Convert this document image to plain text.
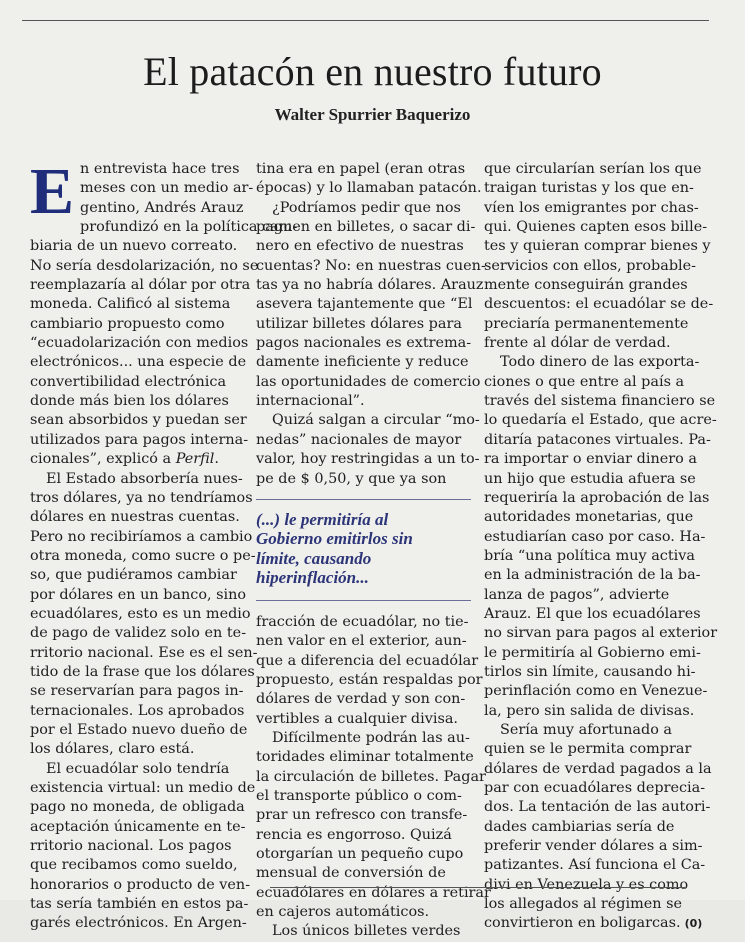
El patacón en nuestro futuro
Walter Spurrier Baquerizo
E n entrevista hace tres
meses con un medio ar-
gentino, Andrés Arauz
profundizó en la política cam-
biaria de un nuevo correato.
No sería desdolarización, no se
reemplazaría al dólar por otra
moneda. Calificó al sistema
cambiario propuesto como
“ecuadolarización con medios
electrónicos... una especie de
convertibilidad electrónica
donde más bien los dólares
sean absorbidos y puedan ser
utilizados para pagos interna-
cionales”, explicó a Perfil.
El Estado absorbería nues-
tros dólares, ya no tendríamos
dólares en nuestras cuentas.
Pero no recibiríamos a cambio
otra moneda, como sucre o pe-
so, que pudiéramos cambiar
por dólares en un banco, sino
ecuadólares, esto es un medio
de pago de validez solo en te-
rritorio nacional. Ese es el sen-
tido de la frase que los dólares
se reservarían para pagos in-
ternacionales. Los aprobados
por el Estado nuevo dueño de
los dólares, claro está.
El ecuadólar solo tendría
existencia virtual: un medio de
pago no moneda, de obligada
aceptación únicamente en te-
rritorio nacional. Los pagos
que recibamos como sueldo,
honorarios o producto de ven-
tas sería también en estos pa-
garés electrónicos. En Argen-
tina era en papel (eran otras
épocas) y lo llamaban patacón.
¿Podríamos pedir que nos
paguen en billetes, o sacar di-
nero en efectivo de nuestras
cuentas? No: en nuestras cuen-
tas ya no habría dólares. Arauz
asevera tajantemente que “El
utilizar billetes dólares para
pagos nacionales es extrema-
damente ineficiente y reduce
las oportunidades de comercio
internacional”.
Quizá salgan a circular “mo-
nedas” nacionales de mayor
valor, hoy restringidas a un to-
pe de $ 0,50, y que ya son
(...) le permitiría al
Gobierno emitirlos sin
límite, causando
hiperinflación...
fracción de ecuadólar, no tie-
nen valor en el exterior, aun-
que a diferencia del ecuadólar
propuesto, están respaldas por
dólares de verdad y son con-
vertibles a cualquier divisa.
Difícilmente podrán las au-
toridades eliminar totalmente
la circulación de billetes. Pagar
el transporte público o com-
prar un refresco con transfe-
rencia es engorroso. Quizá
otorgarían un pequeño cupo
mensual de conversión de
ecuadólares en dólares a retirar
en cajeros automáticos.
Los únicos billetes verdes
que circularían serían los que
traigan turistas y los que en-
víen los emigrantes por chas-
qui. Quienes capten esos bille-
tes y quieran comprar bienes y
servicios con ellos, probable-
mente conseguirán grandes
descuentos: el ecuadólar se de-
preciaría permanentemente
frente al dólar de verdad.
Todo dinero de las exporta-
ciones o que entre al país a
través del sistema financiero se
lo quedaría el Estado, que acre-
ditaría patacones virtuales. Pa-
ra importar o enviar dinero a
un hijo que estudia afuera se
requeriría la aprobación de las
autoridades monetarias, que
estudiarían caso por caso. Ha-
bría “una política muy activa
en la administración de la ba-
lanza de pagos”, advierte
Arauz. El que los ecuadólares
no sirvan para pagos al exterior
le permitiría al Gobierno emi-
tirlos sin límite, causando hi-
perinflación como en Venezue-
la, pero sin salida de divisas.
Sería muy afortunado a
quien se le permita comprar
dólares de verdad pagados a la
par con ecuadólares deprecia-
dos. La tentación de las autori-
dades cambiarias sería de
preferir vender dólares a sim-
patizantes. Así funciona el Ca-
divi en Venezuela y es como
los allegados al régimen se
convirtieron en boligarcas. (0)
